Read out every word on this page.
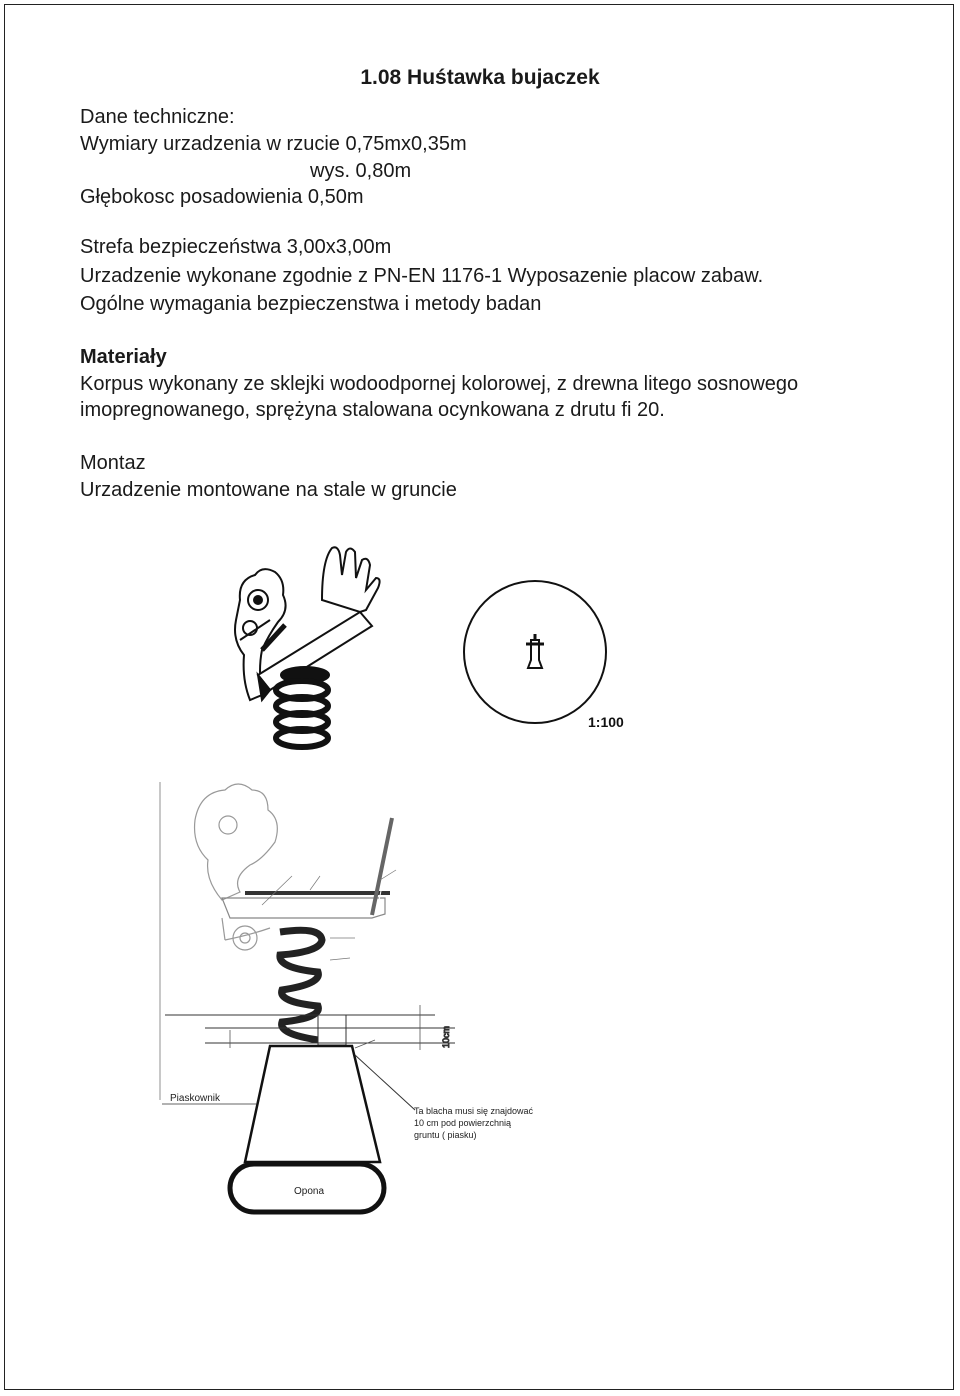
1.08 Huśtawka bujaczek
Dane techniczne:
Wymiary urzadzenia w rzucie 0,75mx0,35m
wys. 0,80m
Głębokosc posadowienia 0,50m
Strefa bezpieczeństwa 3,00x3,00m
Urzadzenie wykonane zgodnie z PN-EN 1176-1 Wyposazenie placow zabaw.
Ogólne wymagania bezpieczenstwa i metody badan
Materiały
Korpus wykonany ze sklejki wodoodpornej kolorowej, z drewna litego sosnowego
imopregnowanego, sprężyna stalowana ocynkowana z drutu fi 20.
Montaz
Urzadzenie montowane na stale w gruncie
1:100
10cm
Piaskownik
Ta blacha musi się znajdować
10 cm pod powierzchnią
gruntu ( piasku)
Opona
